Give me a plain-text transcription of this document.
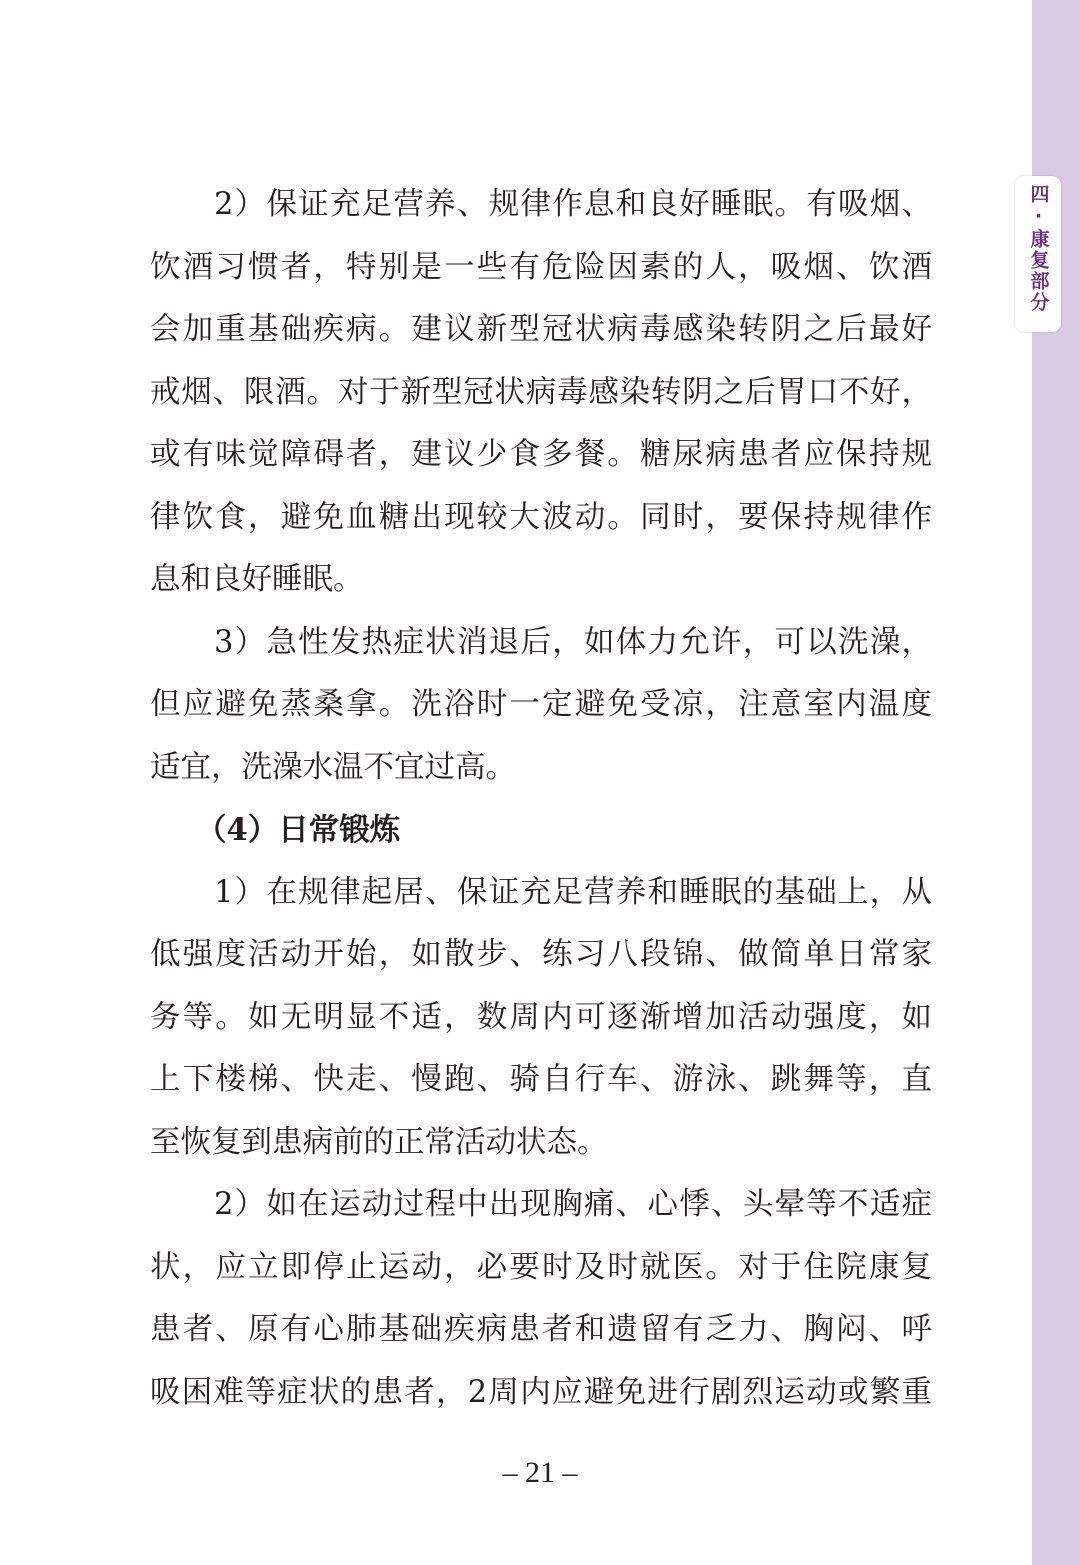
四·康复部分
2）保证充足营养、规律作息和良好睡眠。有吸烟、
饮酒习惯者，特别是一些有危险因素的人，吸烟、饮酒
会加重基础疾病。建议新型冠状病毒感染转阴之后最好
戒烟、限酒。对于新型冠状病毒感染转阴之后胃口不好，
或有味觉障碍者，建议少食多餐。糖尿病患者应保持规
律饮食，避免血糖出现较大波动。同时，要保持规律作
息和良好睡眠。
3）急性发热症状消退后，如体力允许，可以洗澡，
但应避免蒸桑拿。洗浴时一定避免受凉，注意室内温度
适宜，洗澡水温不宜过高。
（4）日常锻炼
1）在规律起居、保证充足营养和睡眠的基础上，从
低强度活动开始，如散步、练习八段锦、做简单日常家
务等。如无明显不适，数周内可逐渐增加活动强度，如
上下楼梯、快走、慢跑、骑自行车、游泳、跳舞等，直
至恢复到患病前的正常活动状态。
2）如在运动过程中出现胸痛、心悸、头晕等不适症
状，应立即停止运动，必要时及时就医。对于住院康复
患者、原有心肺基础疾病患者和遗留有乏力、胸闷、呼
吸困难等症状的患者，2周内应避免进行剧烈运动或繁重
– 21 –
